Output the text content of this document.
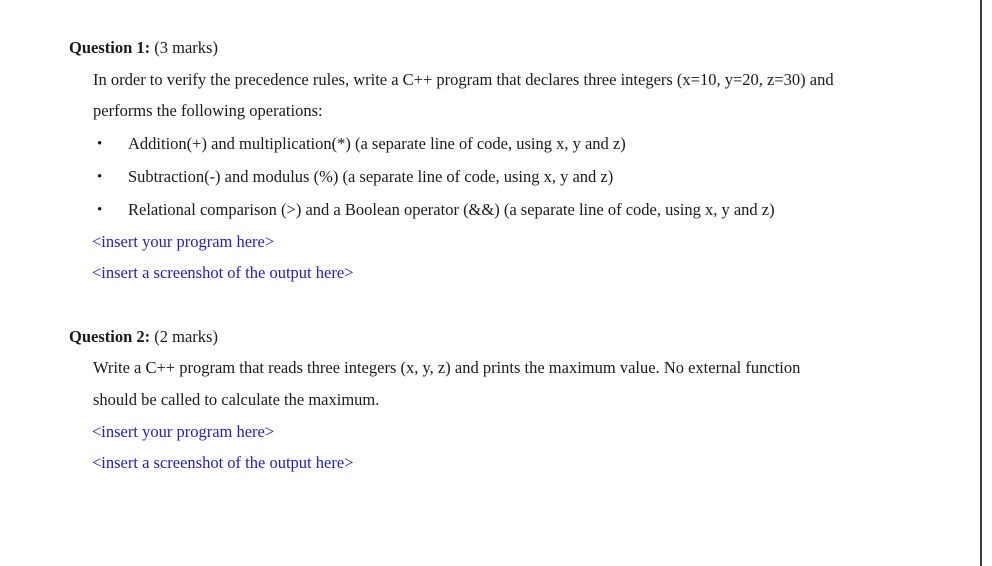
Question 1: (3 marks)
In order to verify the precedence rules, write a C++ program that declares three integers (x=10, y=20, z=30) and
performs the following operations:
• Addition(+) and multiplication(*) (a separate line of code, using x, y and z)
• Subtraction(-) and modulus (%) (a separate line of code, using x, y and z)
• Relational comparison (>) and a Boolean operator (&&) (a separate line of code, using x, y and z)
<insert your program here>
<insert a screenshot of the output here>
Question 2: (2 marks)
Write a C++ program that reads three integers (x, y, z) and prints the maximum value. No external function
should be called to calculate the maximum.
<insert your program here>
<insert a screenshot of the output here>
